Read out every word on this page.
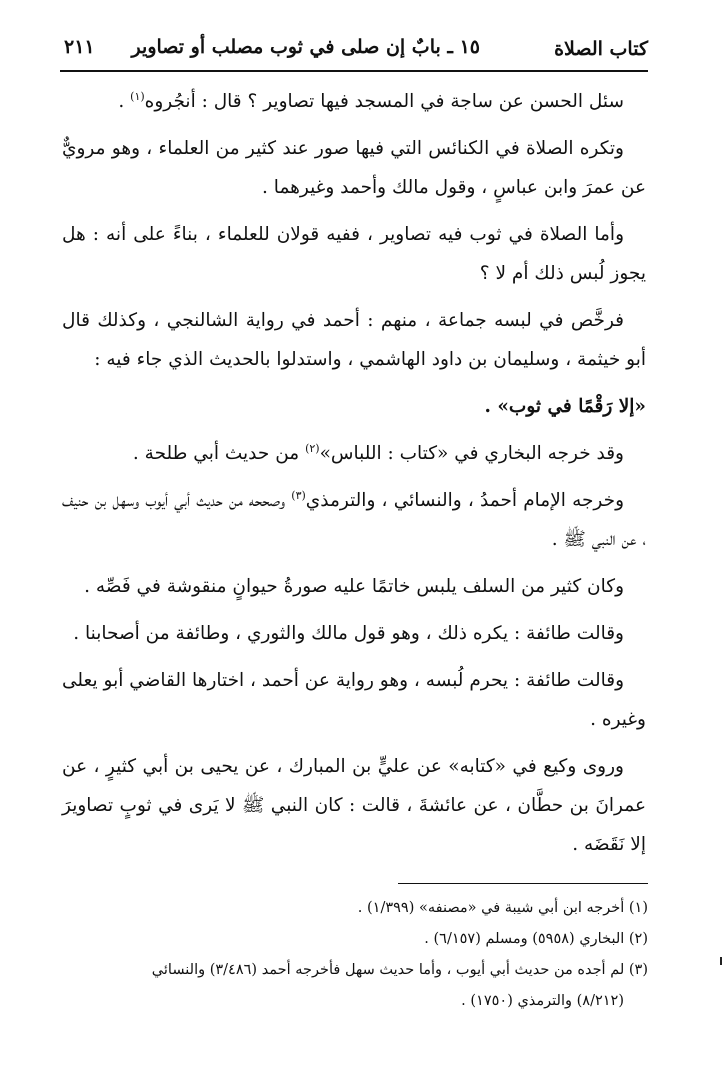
كتاب الصلاة
١٥ ـ بابٌ إن صلى في ثوب مصلب أو تصاوير
٢١١

سئل الحسن عن ساجة في المسجد فيها تصاوير ؟ قال : أنجُروه$^{(١)}$ .

وتكره الصلاة في الكنائس التي فيها صور عند كثير من العلماء ، وهو مرويٌّ عن عمرَ وابن عباسٍ ، وقول مالك وأحمد وغيرهما .

وأما الصلاة في ثوب فيه تصاوير ، ففيه قولان للعلماء ، بناءً على أنه : هل يجوز لُبس ذلك أم لا ؟

فرخَّص في لبسه جماعة ، منهم : أحمد في رواية الشالنجي ، وكذلك قال أبو خيثمة ، وسليمان بن داود الهاشمي ، واستدلوا بالحديث الذي جاء فيه :

«إلا رَقْمًا في ثوب» .

وقد خرجه البخاري في «كتاب : اللباس»$^{(٢)}$ من حديث أبي طلحة .

وخرجه الإمام أحمدُ ، والنسائي ، والترمذي$^{(٣)}$ وصححه من حديث أبي أيوب وسهل بن حنيف ، عن النبي ﷺ .

وكان كثير من السلف يلبس خاتمًا عليه صورةُ حيوانٍ منقوشة في فَصِّه .

وقالت طائفة : يكره ذلك ، وهو قول مالك والثوري ، وطائفة من أصحابنا .

وقالت طائفة : يحرم لُبسه ، وهو رواية عن أحمد ، اختارها القاضي أبو يعلى وغيره .

وروى وكيع في «كتابه» عن عليٍّ بن المبارك ، عن يحيى بن أبي كثيرٍ ، عن عمرانَ بن حطَّان ، عن عائشةَ ، قالت : كان النبي ﷺ لا يَرى في ثوبٍ تصاويرَ إلا نَقَضَه .

(١) أخرجه ابن أبي شيبة في «مصنفه» (١/٣٩٩) .

(٢) البخاري (٥٩٥٨) ومسلم (٦/١٥٧) .

(٣) لم أجده من حديث أبي أيوب ، وأما حديث سهل فأخرجه أحمد (٣/٤٨٦) والنسائي

(٨/٢١٢) والترمذي (١٧٥٠) .
